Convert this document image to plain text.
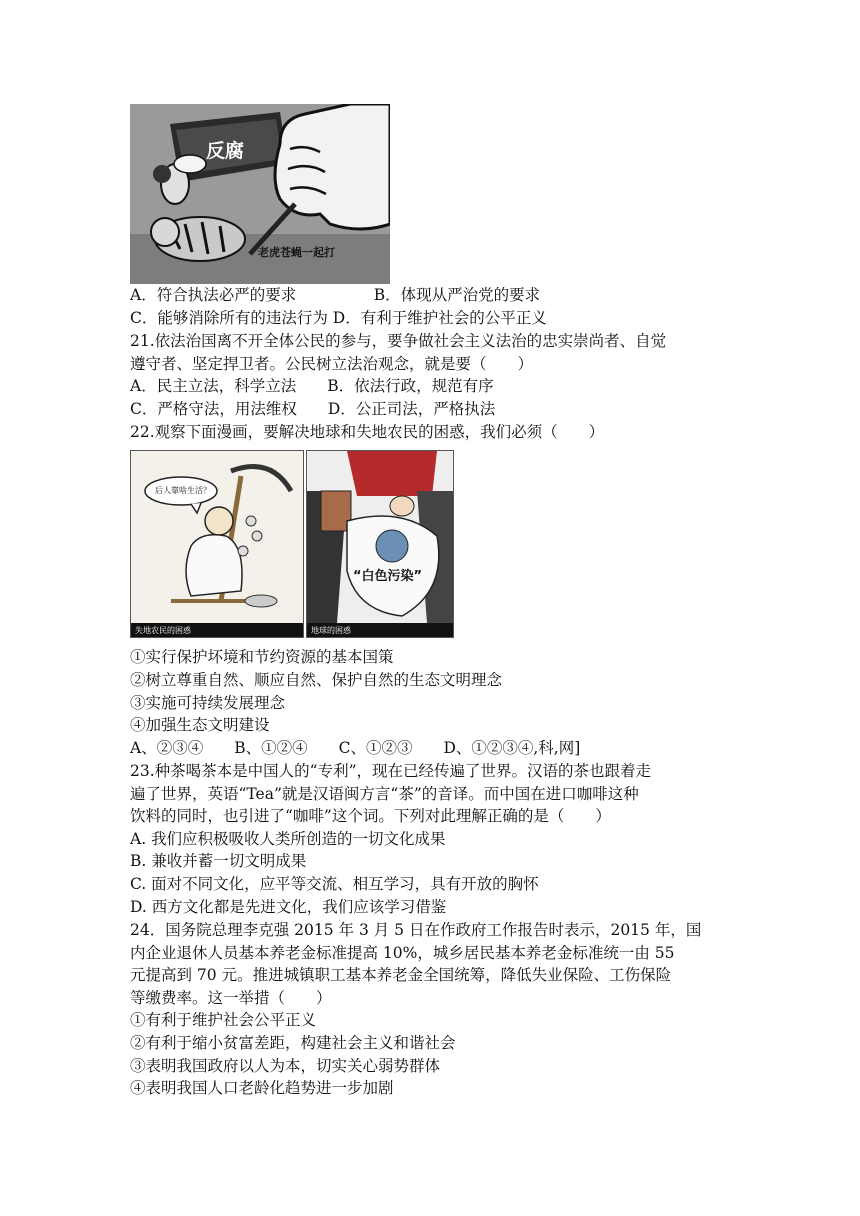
反腐
老虎苍蝇一起打
A．符合执法必严的要求　　　　　B．体现从严治党的要求
C．能够消除所有的违法行为 D．有利于维护社会的公平正义
21.依法治国离不开全体公民的参与，要争做社会主义法治的忠实崇尚者、自觉
遵守者、坚定捍卫者。公民树立法治观念，就是要（　　）
A．民主立法，科学立法　　B．依法行政，规范有序
C．严格守法，用法维权　　D．公正司法，严格执法
22.观察下面漫画，要解决地球和失地农民的困惑，我们必须（　　）
后人靠啥生活？
失地农民的困惑
“白色污染”
地球的困惑
①实行保护坏境和节约资源的基本国策
②树立尊重自然、顺应自然、保护自然的生态文明理念
③实施可持续发展理念
④加强生态文明建设
A、②③④　　B、①②④　　C、①②③　　D、①②③④,科,网]
23.种茶喝茶本是中国人的“专利”，现在已经传遍了世界。汉语的茶也跟着走
遍了世界，英语“Tea”就是汉语闽方言“茶”的音译。而中国在进口咖啡这种
饮料的同时，也引进了“咖啡”这个词。下列对此理解正确的是（　　）
A. 我们应积极吸收人类所创造的一切文化成果
B. 兼收并蓄一切文明成果
C. 面对不同文化，应平等交流、相互学习，具有开放的胸怀
D. 西方文化都是先进文化，我们应该学习借鉴
24．国务院总理李克强 2015 年 3 月 5 日在作政府工作报告时表示，2015 年，国
内企业退休人员基本养老金标准提高 10%，城乡居民基本养老金标准统一由 55
元提高到 70 元。推进城镇职工基本养老金全国统筹，降低失业保险、工伤保险
等缴费率。这一举措（　　）
①有利于维护社会公平正义
②有利于缩小贫富差距，构建社会主义和谐社会
③表明我国政府以人为本，切实关心弱势群体
④表明我国人口老龄化趋势进一步加剧
